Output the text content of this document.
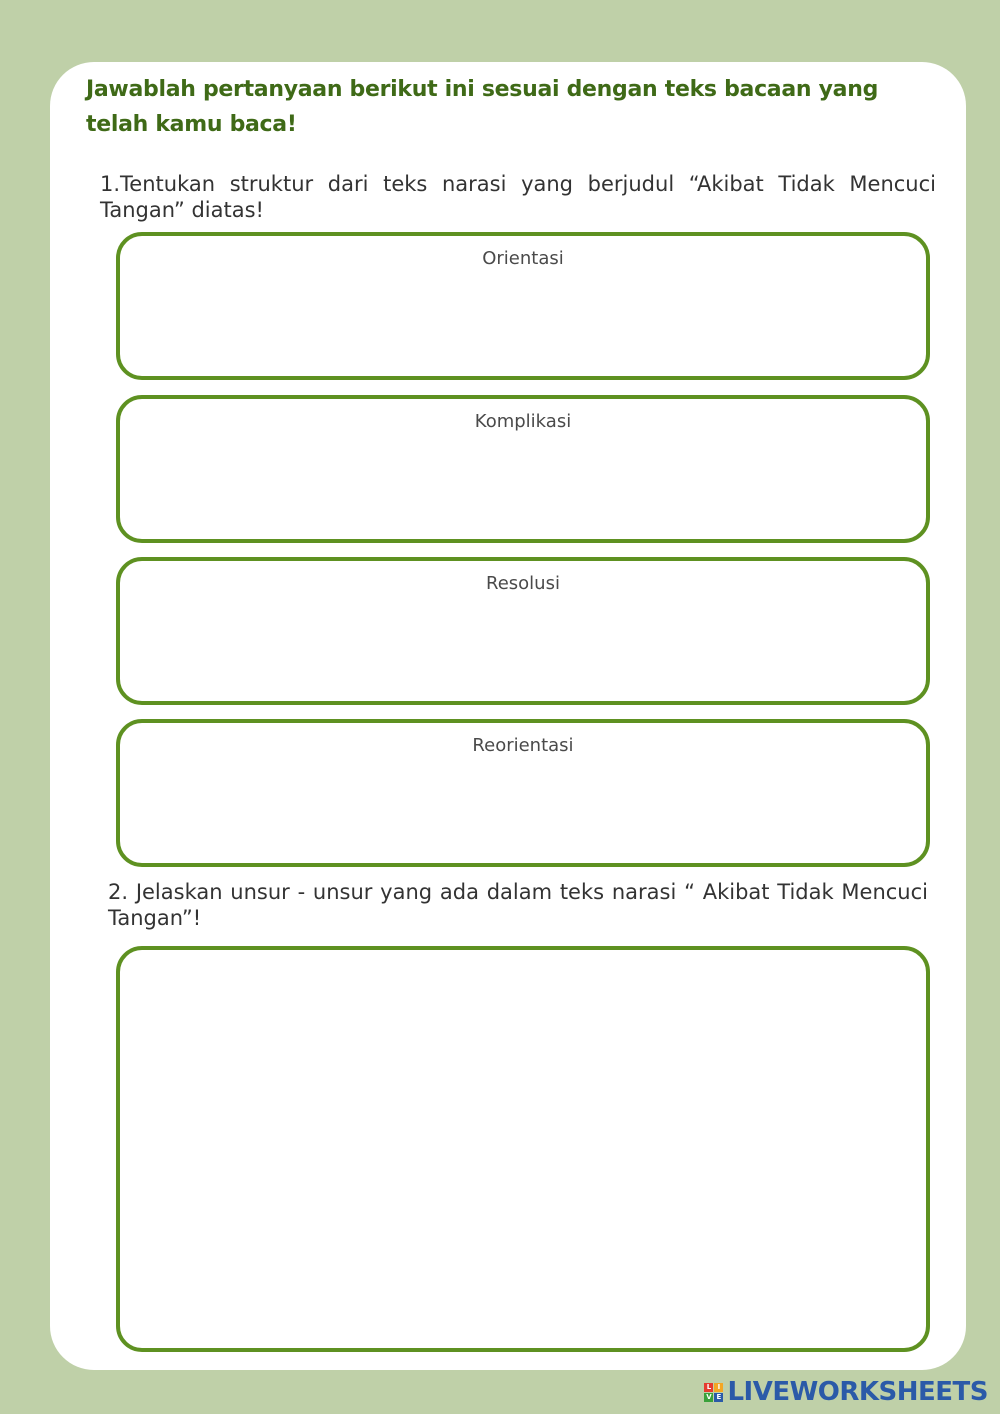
Jawablah pertanyaan berikut ini sesuai dengan teks bacaan yang telah kamu baca!
1.Tentukan struktur dari teks narasi yang berjudul “Akibat Tidak Mencuci Tangan” diatas!
Orientasi
Komplikasi
Resolusi
Reorientasi
2. Jelaskan unsur - unsur yang ada dalam teks narasi “ Akibat Tidak Mencuci Tangan”!
L I
V E LIVEWORKSHEETS
